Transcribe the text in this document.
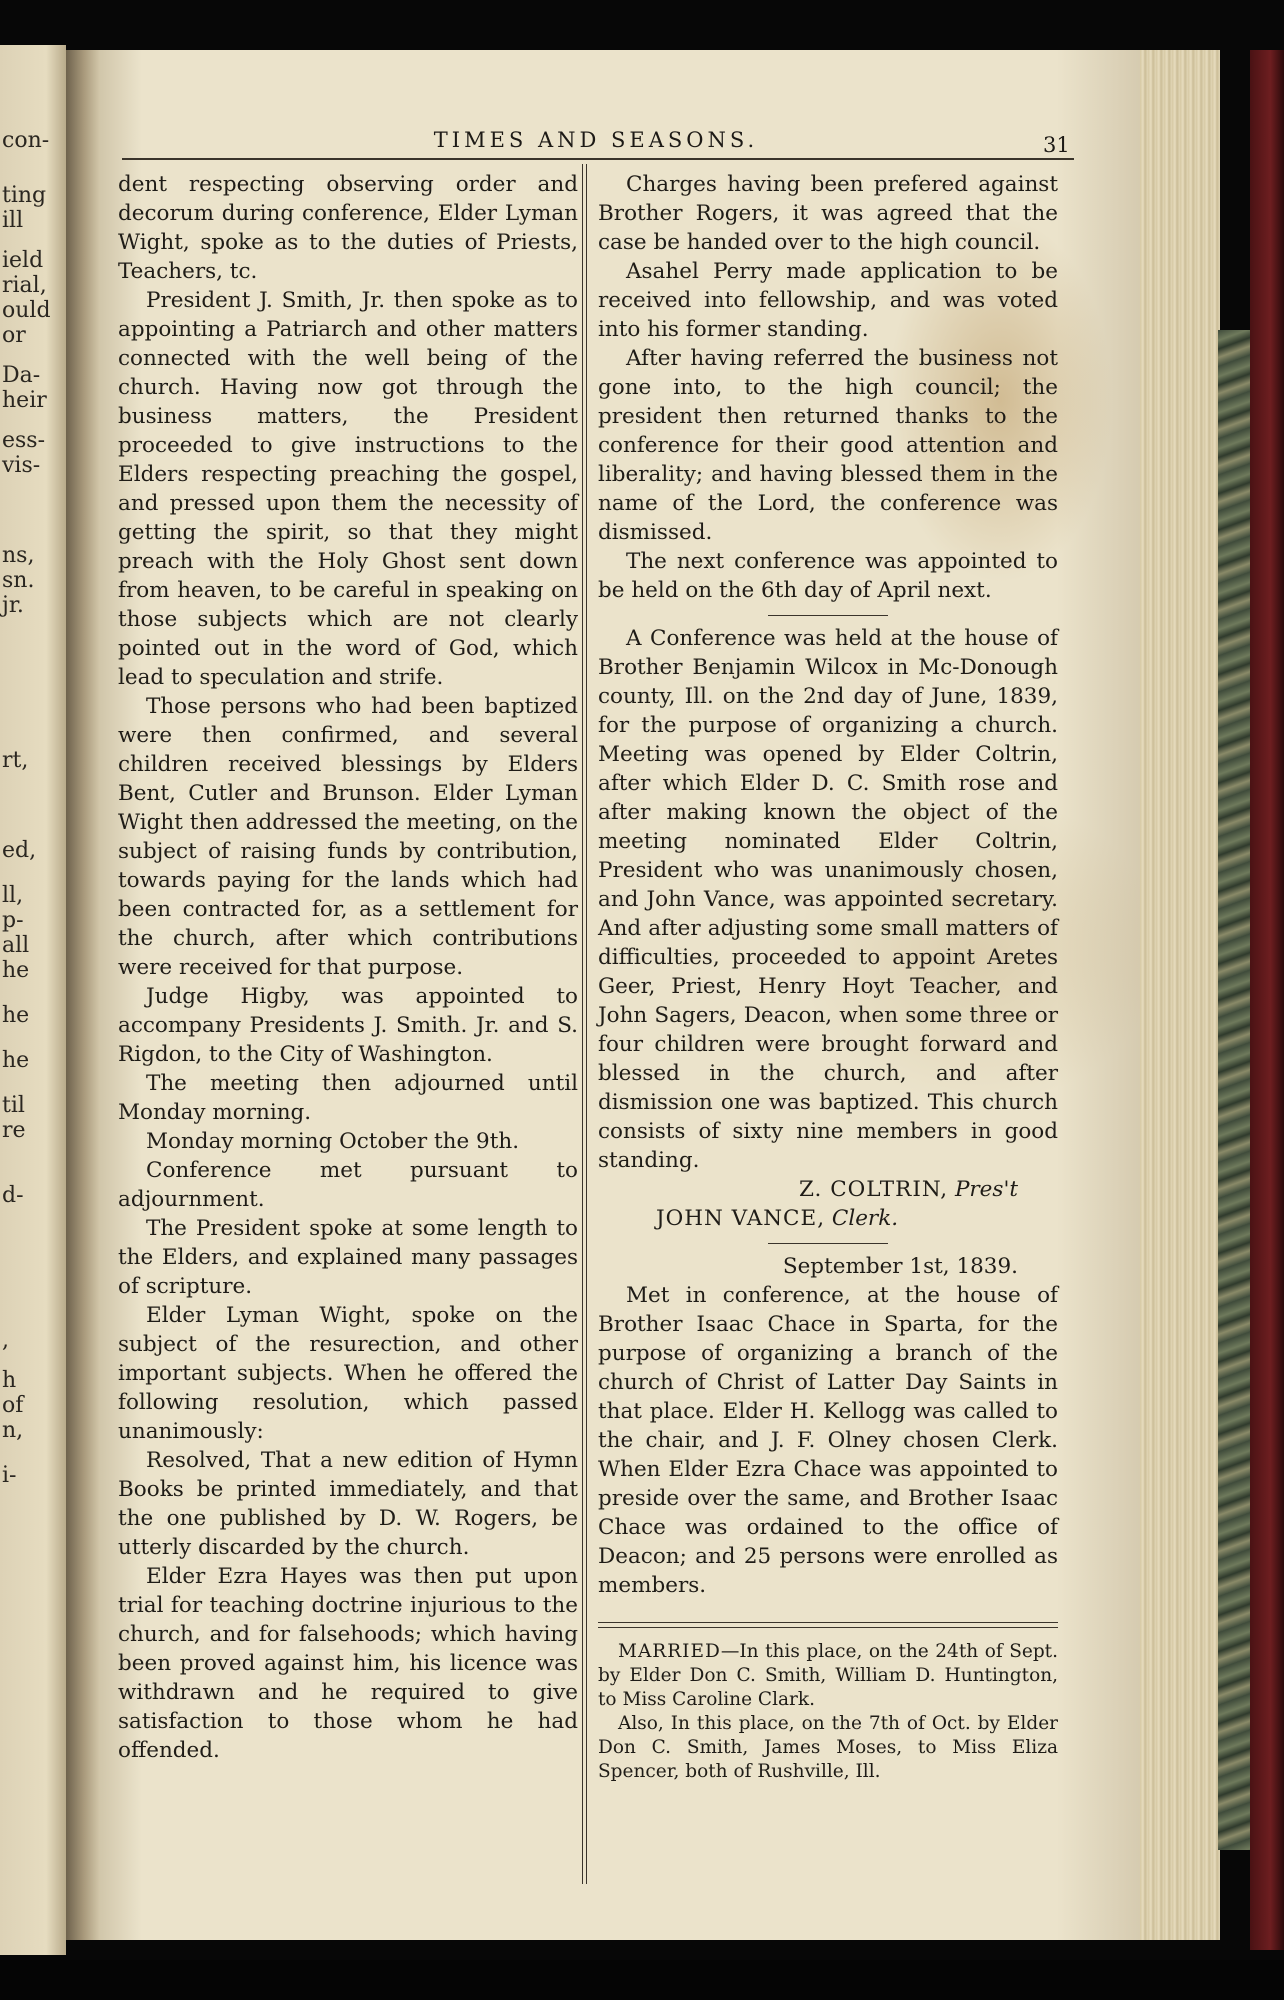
con-
ting
ill
ield
rial,
ould
or
Da-
heir
ess-
vis-
ns,
sn.
jr.
rt,
ed,
ll,
p-
all
he
he
he
til
re
d-
,
h
of
n,
i-
TIMES AND SEASONS.	31

dent respecting observing order and decorum during conference, Elder Lyman Wight, spoke as to the duties of Priests, Teachers, tc.

President J. Smith, Jr. then spoke as to appointing a Patriarch and other matters connected with the well being of the church. Having now got through the business matters, the President proceeded to give instructions to the Elders respecting preaching the gospel, and pressed upon them the necessity of getting the spirit, so that they might preach with the Holy Ghost sent down from heaven, to be careful in speaking on those subjects which are not clearly pointed out in the word of God, which lead to speculation and strife.

Those persons who had been baptized were then confirmed, and several children received blessings by Elders Bent, Cutler and Brunson. Elder Lyman Wight then addressed the meeting, on the subject of raising funds by contribution, towards paying for the lands which had been contracted for, as a settlement for the church, after which contributions were received for that purpose.

Judge Higby, was appointed to accompany Presidents J. Smith. Jr. and S. Rigdon, to the City of Washington.

The meeting then adjourned until Monday morning.

Monday morning October the 9th.

Conference met pursuant to adjournment.

The President spoke at some length to the Elders, and explained many passages of scripture.

Elder Lyman Wight, spoke on the subject of the resurection, and other important subjects. When he offered the following resolution, which passed unanimously:

Resolved, That a new edition of Hymn Books be printed immediately, and that the one published by D. W. Rogers, be utterly discarded by the church.

Elder Ezra Hayes was then put upon trial for teaching doctrine injurious to the church, and for falsehoods; which having been proved against him, his licence was withdrawn and he required to give satisfaction to those whom he had offended.

Charges having been prefered against Brother Rogers, it was agreed that the case be handed over to the high council.

Asahel Perry made application to be received into fellowship, and was voted into his former standing.

After having referred the business not gone into, to the high council; the president then returned thanks to the conference for their good attention and liberality; and having blessed them in the name of the Lord, the conference was dismissed.

The next conference was appointed to be held on the 6th day of April next.

A Conference was held at the house of Brother Benjamin Wilcox in Mc-Donough county, Ill. on the 2nd day of June, 1839, for the purpose of organizing a church. Meeting was opened by Elder Coltrin, after which Elder D. C. Smith rose and after making known the object of the meeting nominated Elder Coltrin, President who was unanimously chosen, and John Vance, was appointed secretary. And after adjusting some small matters of difficulties, proceeded to appoint Aretes Geer, Priest, Henry Hoyt Teacher, and John Sagers, Deacon, when some three or four children were brought forward and blessed in the church, and after dismission one was baptized. This church consists of sixty nine members in good standing.

Z. COLTRIN, Pres't

JOHN VANCE, Clerk.

September 1st, 1839.

Met in conference, at the house of Brother Isaac Chace in Sparta, for the purpose of organizing a branch of the church of Christ of Latter Day Saints in that place. Elder H. Kellogg was called to the chair, and J. F. Olney chosen Clerk. When Elder Ezra Chace was appointed to preside over the same, and Brother Isaac Chace was ordained to the office of Deacon; and 25 persons were enrolled as members.

MARRIED—In this place, on the 24th of Sept. by Elder Don C. Smith, William D. Huntington, to Miss Caroline Clark.

Also, In this place, on the 7th of Oct. by Elder Don C. Smith, James Moses, to Miss Eliza Spencer, both of Rushville, Ill.
